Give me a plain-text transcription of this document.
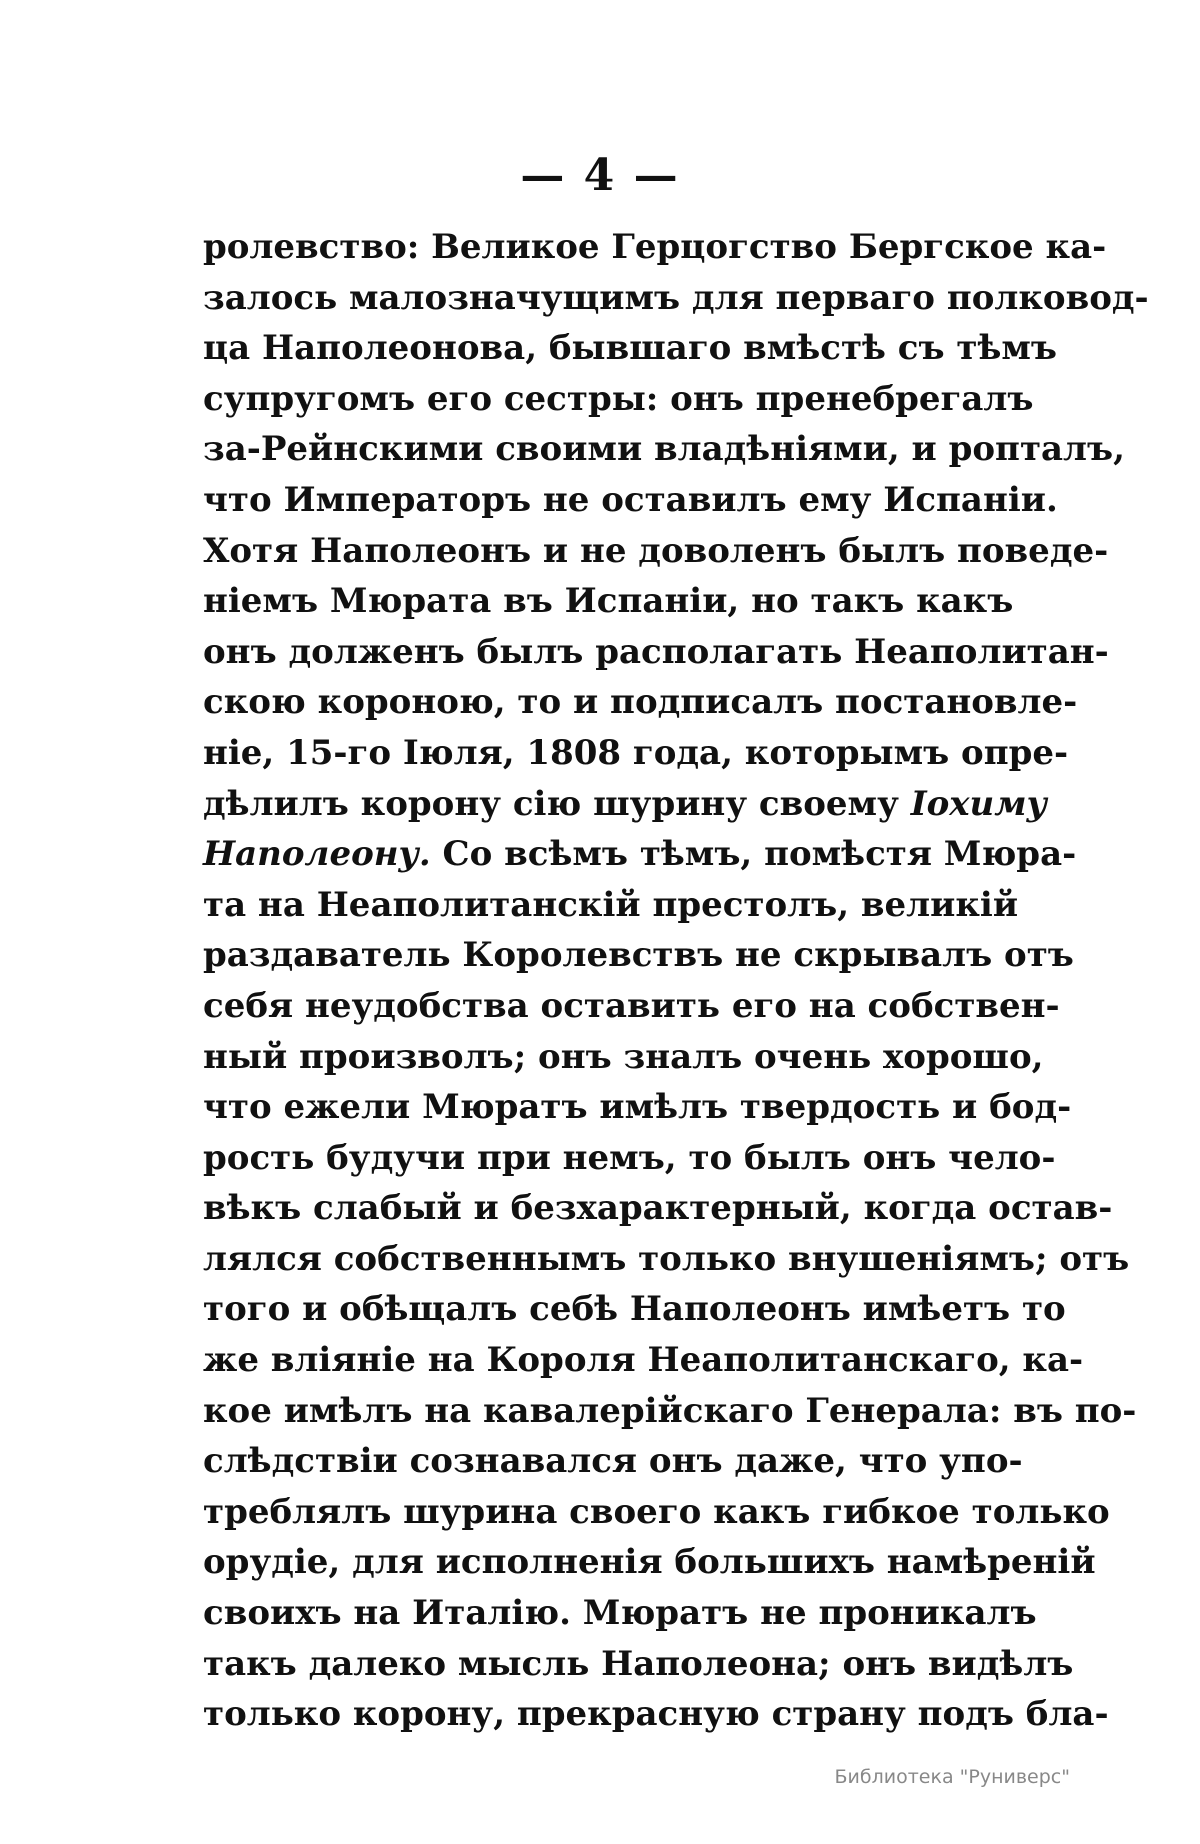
— 4 —
ролевство: Великое Герцогство Бергское ка-
залось малозначущимъ для перваго полковод-
ца Наполеонова, бывшаго вмѣстѣ съ тѣмъ
супругомъ его сестры: онъ пренебрегалъ
за-Рейнскими своими владѣніями, и роптaлъ,
что Императоръ не оставилъ ему Испаніи.
Хотя Наполеонъ и не доволенъ былъ поведе-
ніемъ Мюрата въ Испаніи, но такъ какъ
онъ долженъ былъ располагать Неаполитан-
скою короною, то и подписалъ постановле-
ніе, 15-го Іюля, 1808 года, которымъ опре-
дѣлилъ корону сію шурину своему Іохиму
Наполеону. Со всѣмъ тѣмъ, помѣстя Мюра-
та на Неаполитанскій престолъ, великій
раздаватель Королевствъ не скрывалъ отъ
себя неудобства оставить его на собствен-
ный произволъ; онъ зналъ очень хорошо,
что ежели Мюратъ имѣлъ твердость и бод-
рость будучи при немъ, то былъ онъ чело-
вѣкъ слабый и безхарактерный, когда остав-
лялся собственнымъ только внушеніямъ; отъ
того и обѣщалъ себѣ Наполеонъ имѣетъ то
же вліяніе на Короля Неаполитанскаго, ка-
кое имѣлъ на кавалерійскаго Генерала: въ по-
слѣдствіи сознавался онъ даже, что упо-
треблялъ шурина своего какъ гибкое только
орудіе, для исполненія большихъ намѣреній
своихъ на Италію. Мюратъ не проникалъ
такъ далеко мысль Наполеона; онъ видѣлъ
только корону, прекрасную страну подъ бла-
Библиотека "Руниверс"
